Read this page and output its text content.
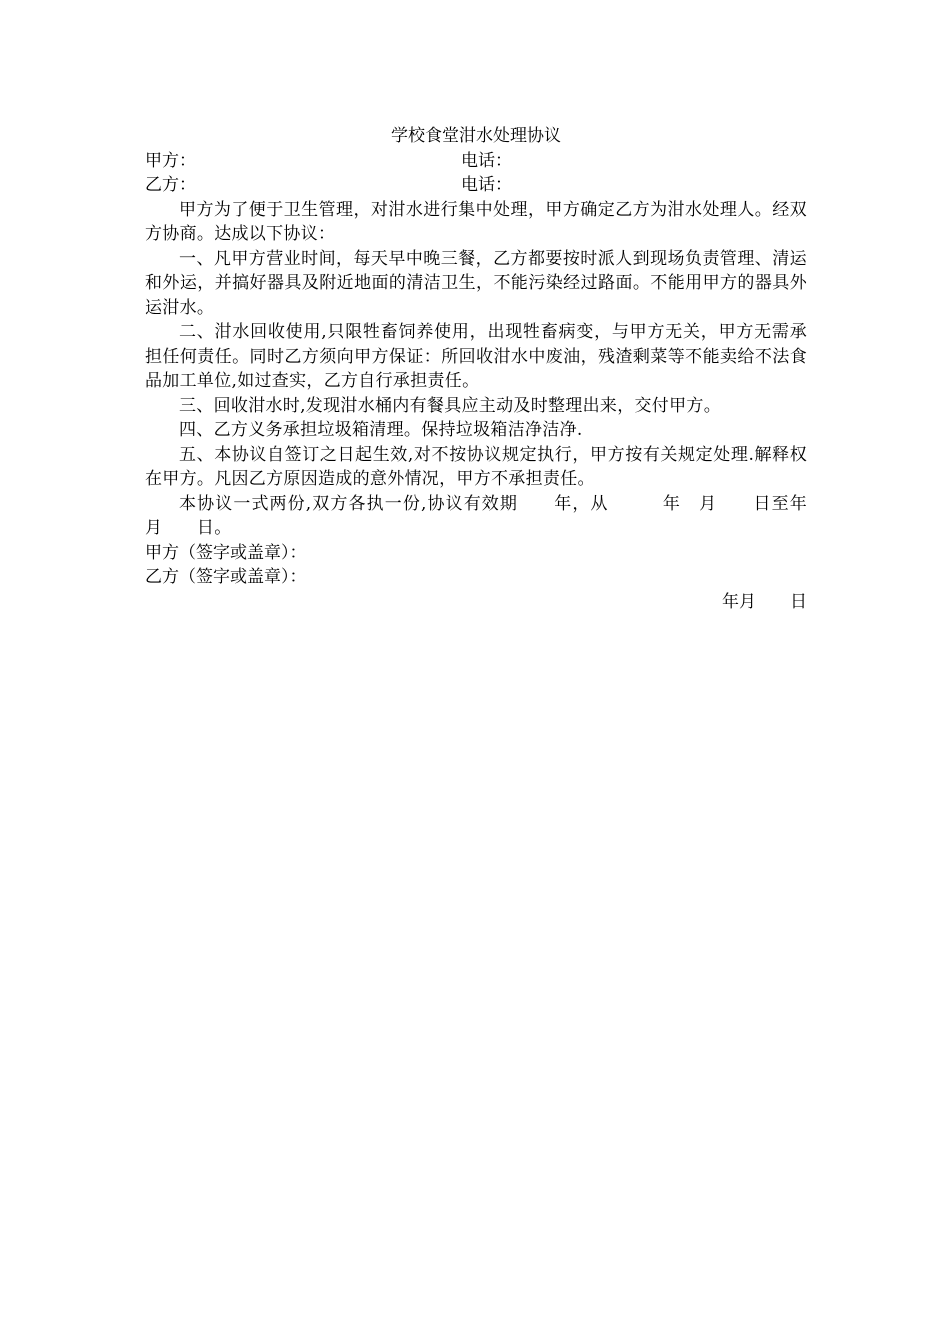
学校食堂泔水处理协议

甲方：	电话：
乙方：	电话：

甲方为了便于卫生管理，对泔水进行集中处理，甲方确定乙方为泔水处理人。经双方协商。达成以下协议：

一、凡甲方营业时间，每天早中晚三餐，乙方都要按时派人到现场负责管理、清运和外运，并搞好器具及附近地面的清洁卫生，不能污染经过路面。不能用甲方的器具外运泔水。

二、泔水回收使用,只限牲畜饲养使用，出现牲畜病变，与甲方无关，甲方无需承担任何责任。同时乙方须向甲方保证：所回收泔水中废油，残渣剩菜等不能卖给不法食品加工单位,如过查实，乙方自行承担责任。

三、回收泔水时,发现泔水桶内有餐具应主动及时整理出来，交付甲方。

四、乙方义务承担垃圾箱清理。保持垃圾箱洁净洁净.

五、本协议自签订之日起生效,对不按协议规定执行，甲方按有关规定处理.解释权在甲方。凡因乙方原因造成的意外情况，甲方不承担责任。

本协议一式两份,双方各执一份,协议有效期　　年，从　　　年　月　　日至年　　月　　日。

甲方（签字或盖章）：

乙方（签字或盖章）：

年月　　日
